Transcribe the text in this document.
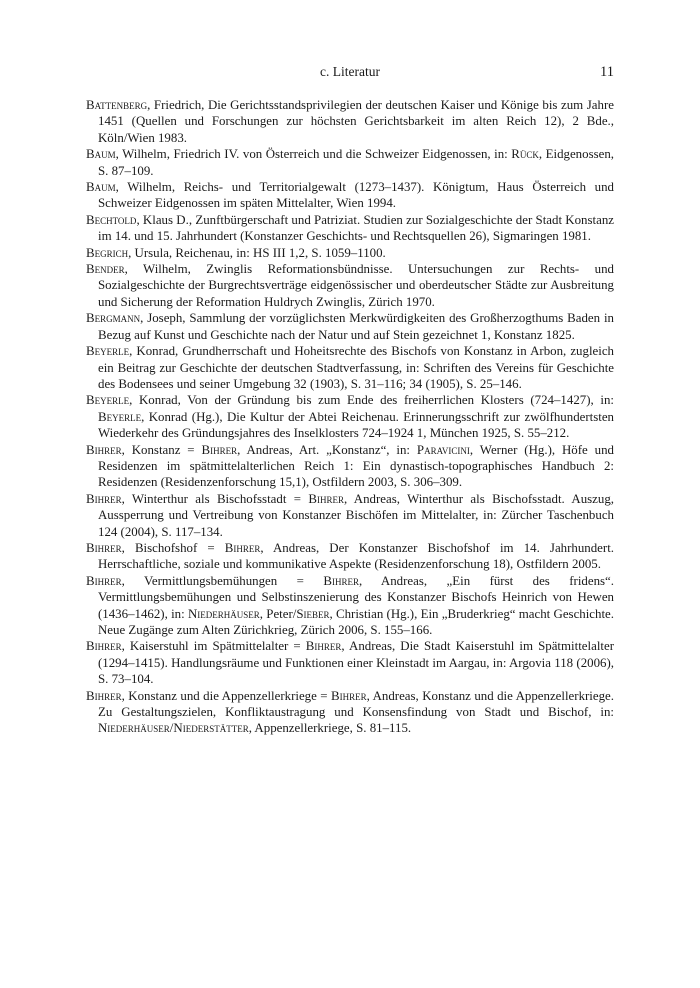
c. Literatur	11
Battenberg, Friedrich, Die Gerichtsstandsprivilegien der deutschen Kaiser und Könige bis zum Jahre 1451 (Quellen und Forschungen zur höchsten Gerichtsbarkeit im alten Reich 12), 2 Bde., Köln/Wien 1983.
Baum, Wilhelm, Friedrich IV. von Österreich und die Schweizer Eidgenossen, in: Rück, Eidgenossen, S. 87–109.
Baum, Wilhelm, Reichs- und Territorialgewalt (1273–1437). Königtum, Haus Österreich und Schweizer Eidgenossen im späten Mittelalter, Wien 1994.
Bechtold, Klaus D., Zunftbürgerschaft und Patriziat. Studien zur Sozialgeschichte der Stadt Konstanz im 14. und 15. Jahrhundert (Konstanzer Geschichts- und Rechtsquellen 26), Sigmaringen 1981.
Begrich, Ursula, Reichenau, in: HS III 1,2, S. 1059–1100.
Bender, Wilhelm, Zwinglis Reformationsbündnisse. Untersuchungen zur Rechts- und Sozialgeschichte der Burgrechtsverträge eidgenössischer und oberdeutscher Städte zur Ausbreitung und Sicherung der Reformation Huldrych Zwinglis, Zürich 1970.
Bergmann, Joseph, Sammlung der vorzüglichsten Merkwürdigkeiten des Großherzogthums Baden in Bezug auf Kunst und Geschichte nach der Natur und auf Stein gezeichnet 1, Konstanz 1825.
Beyerle, Konrad, Grundherrschaft und Hoheitsrechte des Bischofs von Konstanz in Arbon, zugleich ein Beitrag zur Geschichte der deutschen Stadtverfassung, in: Schriften des Vereins für Geschichte des Bodensees und seiner Umgebung 32 (1903), S. 31–116; 34 (1905), S. 25–146.
Beyerle, Konrad, Von der Gründung bis zum Ende des freiherrlichen Klosters (724–1427), in: Beyerle, Konrad (Hg.), Die Kultur der Abtei Reichenau. Erinnerungsschrift zur zwölfhundertsten Wiederkehr des Gründungsjahres des Inselklosters 724–1924 1, München 1925, S. 55–212.
Bihrer, Konstanz = Bihrer, Andreas, Art. „Konstanz“, in: Paravicini, Werner (Hg.), Höfe und Residenzen im spätmittelalterlichen Reich 1: Ein dynastisch-topographisches Handbuch 2: Residenzen (Residenzenforschung 15,1), Ostfildern 2003, S. 306–309.
Bihrer, Winterthur als Bischofsstadt = Bihrer, Andreas, Winterthur als Bischofsstadt. Auszug, Aussperrung und Vertreibung von Konstanzer Bischöfen im Mittelalter, in: Zürcher Taschenbuch 124 (2004), S. 117–134.
Bihrer, Bischofshof = Bihrer, Andreas, Der Konstanzer Bischofshof im 14. Jahrhundert. Herrschaftliche, soziale und kommunikative Aspekte (Residenzenforschung 18), Ostfildern 2005.
Bihrer, Vermittlungsbemühungen = Bihrer, Andreas, „Ein fürst des fridens“. Vermittlungsbemühungen und Selbstinszenierung des Konstanzer Bischofs Heinrich von Hewen (1436–1462), in: Niederhäuser, Peter/Sieber, Christian (Hg.), Ein „Bruderkrieg“ macht Geschichte. Neue Zugänge zum Alten Zürichkrieg, Zürich 2006, S. 155–166.
Bihrer, Kaiserstuhl im Spätmittelalter = Bihrer, Andreas, Die Stadt Kaiserstuhl im Spätmittelalter (1294–1415). Handlungsräume und Funktionen einer Kleinstadt im Aargau, in: Argovia 118 (2006), S. 73–104.
Bihrer, Konstanz und die Appenzellerkriege = Bihrer, Andreas, Konstanz und die Appenzellerkriege. Zu Gestaltungszielen, Konfliktaustragung und Konsensfindung von Stadt und Bischof, in: Niederhäuser/Niederstätter, Appenzellerkriege, S. 81–115.
